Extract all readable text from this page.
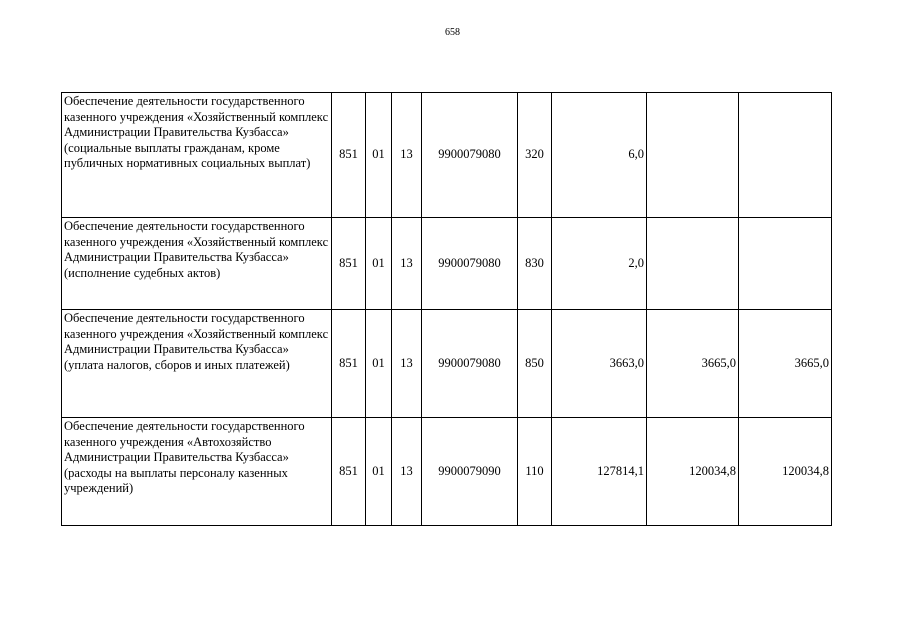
658
Обеспечение деятельности государственного казенного учреждения «Хозяйственный комплекс Администрации Правительства Кузбасса» (социальные выплаты гражданам, кроме публичных нормативных социальных выплат)	851	01	13	9900079080	320	6,0		
Обеспечение деятельности государственного казенного учреждения «Хозяйственный комплекс Администрации Правительства Кузбасса» (исполнение судебных актов)	851	01	13	9900079080	830	2,0		
Обеспечение деятельности государственного казенного учреждения «Хозяйственный комплекс Администрации Правительства Кузбасса» (уплата налогов, сборов и иных платежей)	851	01	13	9900079080	850	3663,0	3665,0	3665,0
Обеспечение деятельности государственного казенного учреждения «Автохозяйство Администрации Правительства Кузбасса» (расходы на выплаты персоналу казенных учреждений)	851	01	13	9900079090	110	127814,1	120034,8	120034,8
